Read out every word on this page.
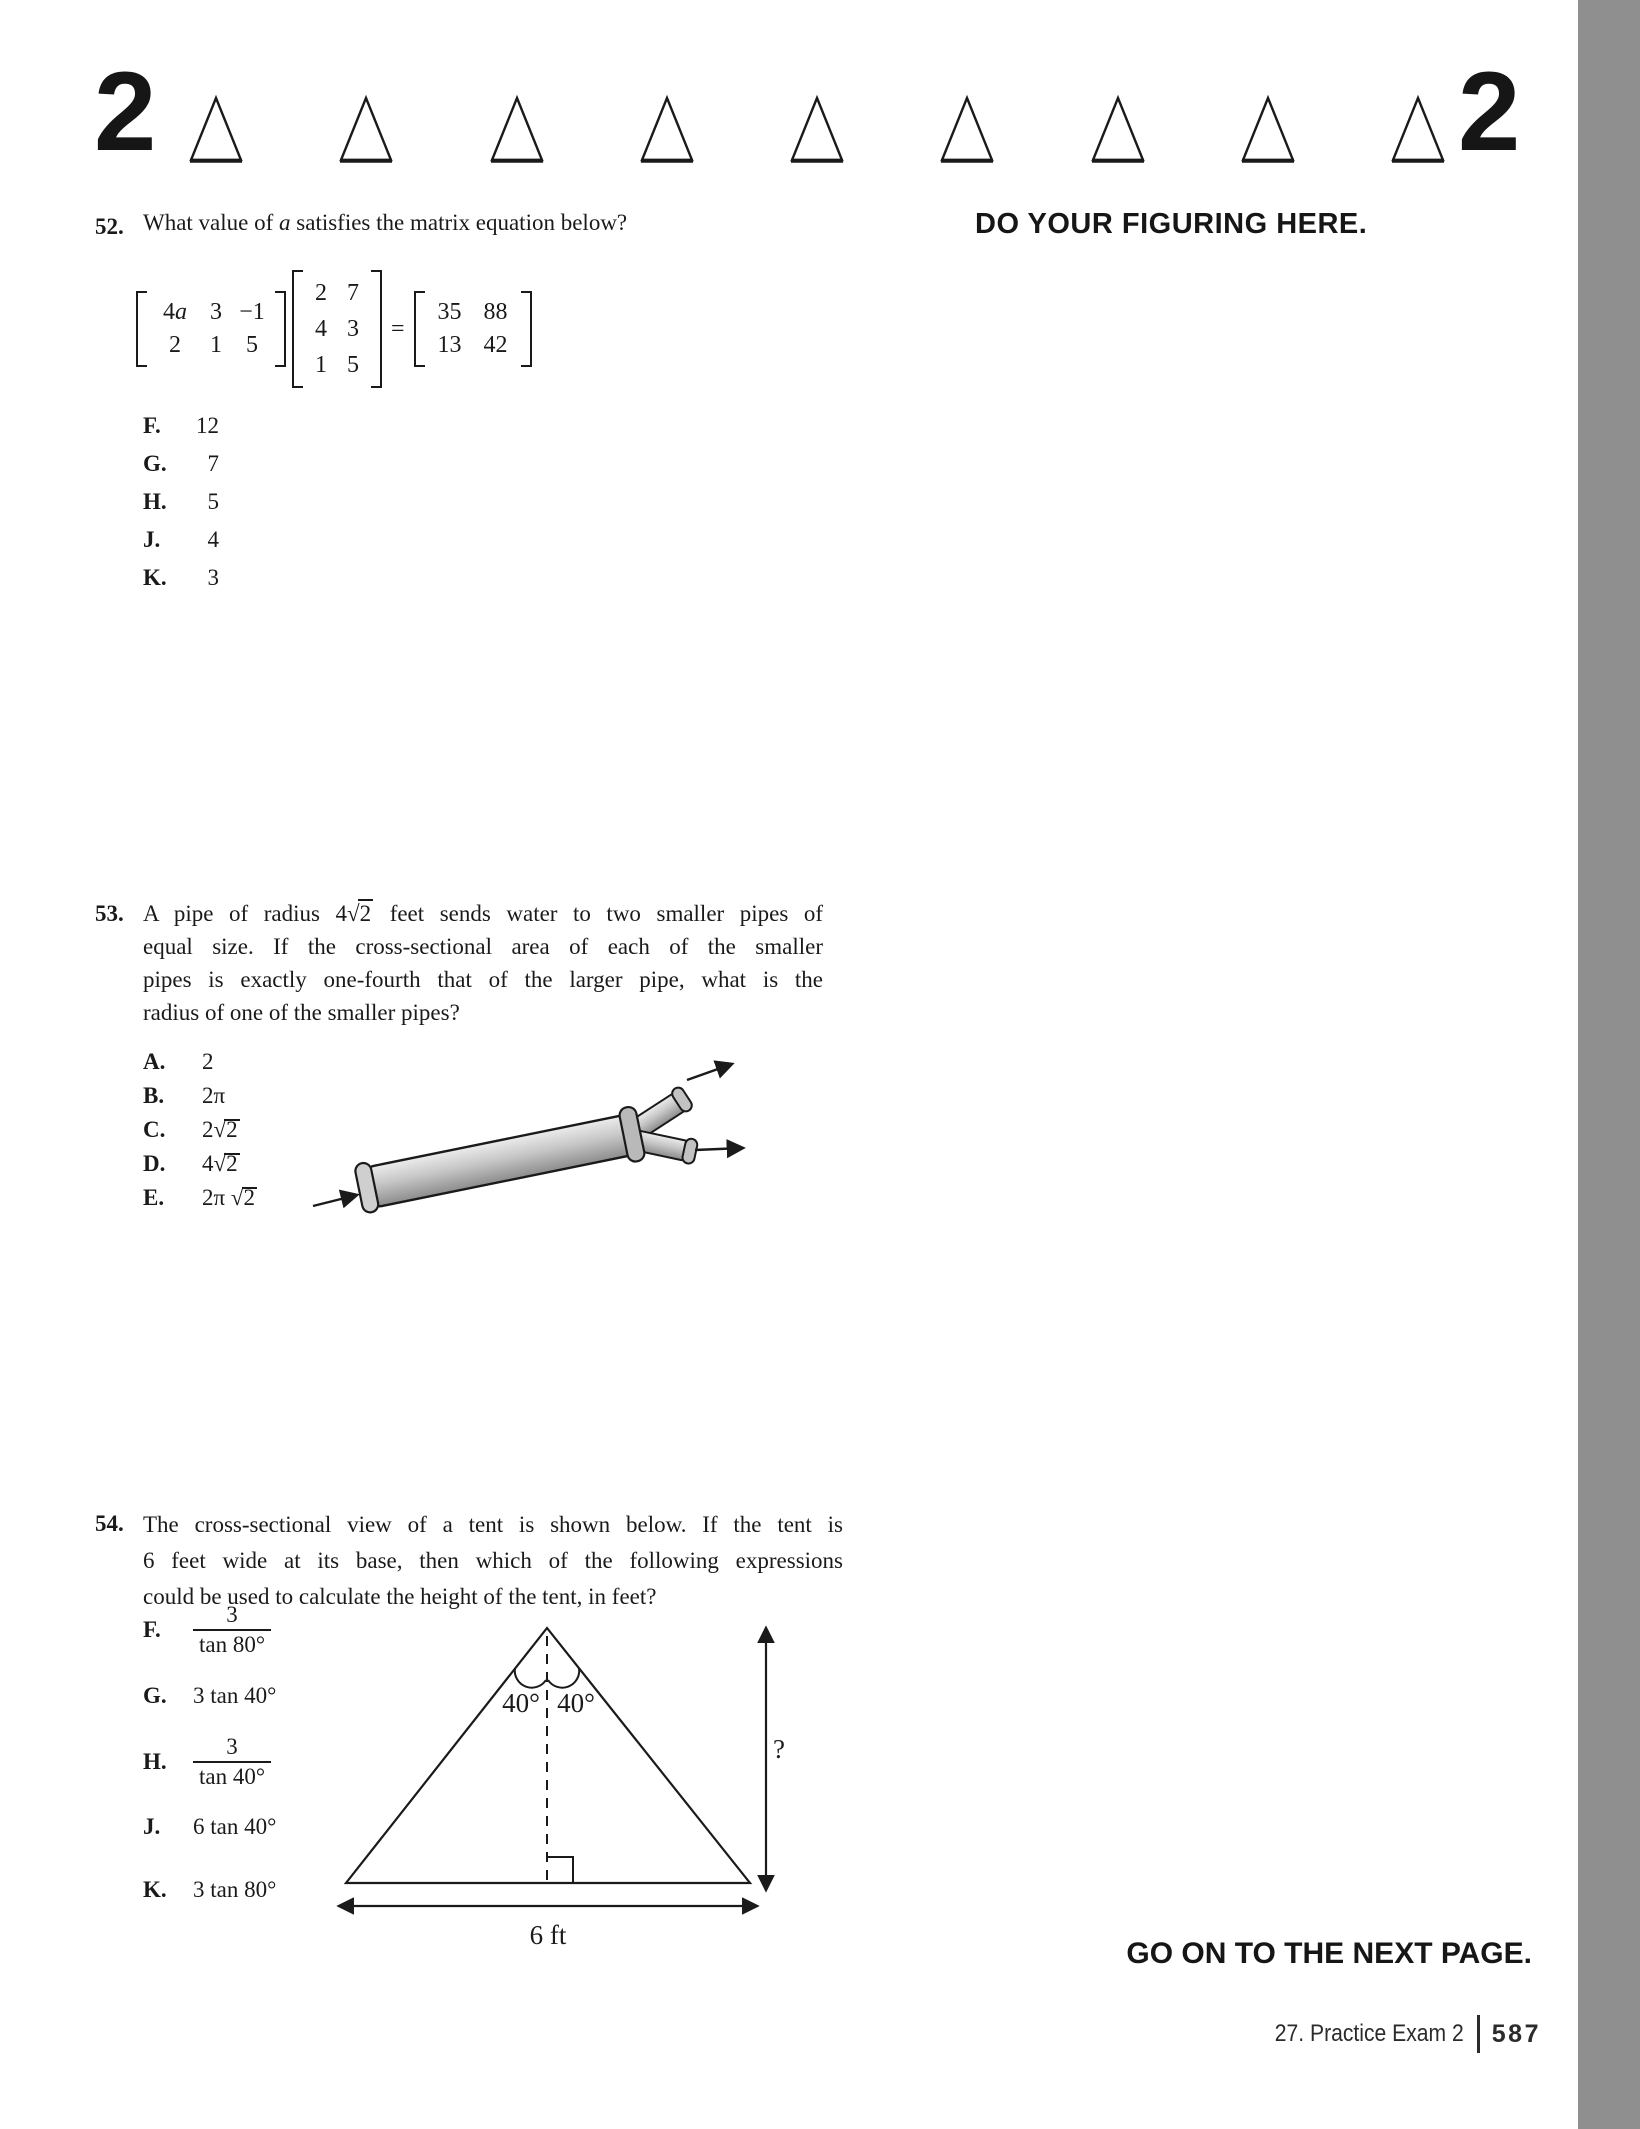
2	2
DO YOUR FIGURING HERE.
52. What value of a satisfies the matrix equation below?
4a 3 −1
2	1	5
2 7
4 3
1 5
=
35 88
13 42
F.	12
G.	7
H.	5
J.	4
K.	3
53. A pipe of radius 4 √ 2 feet sends water to two smaller pipes of
equal size. If the cross-sectional area of each of the smaller
pipes is exactly one-fourth that of the larger pipe, what is the
radius of one of the smaller pipes?
A.	2
B.	2π
C.	2 √ 2
D.	4 √ 2
E.	2π √ 2
54. The cross-sectional view of a tent is shown below. If the tent is
6 feet wide at its base, then which of the following expressions
could be used to calculate the height of the tent, in feet?
F.	$\frac{3}{\tan 80^\circ}$
G.	3 tan 40°
H.	$\frac{3}{\tan 40^\circ}$
J.	6 tan 40°
K.	3 tan 80°
40° 40°
6 ft
?
GO ON TO THE NEXT PAGE.
27. Practice Exam 2 587
